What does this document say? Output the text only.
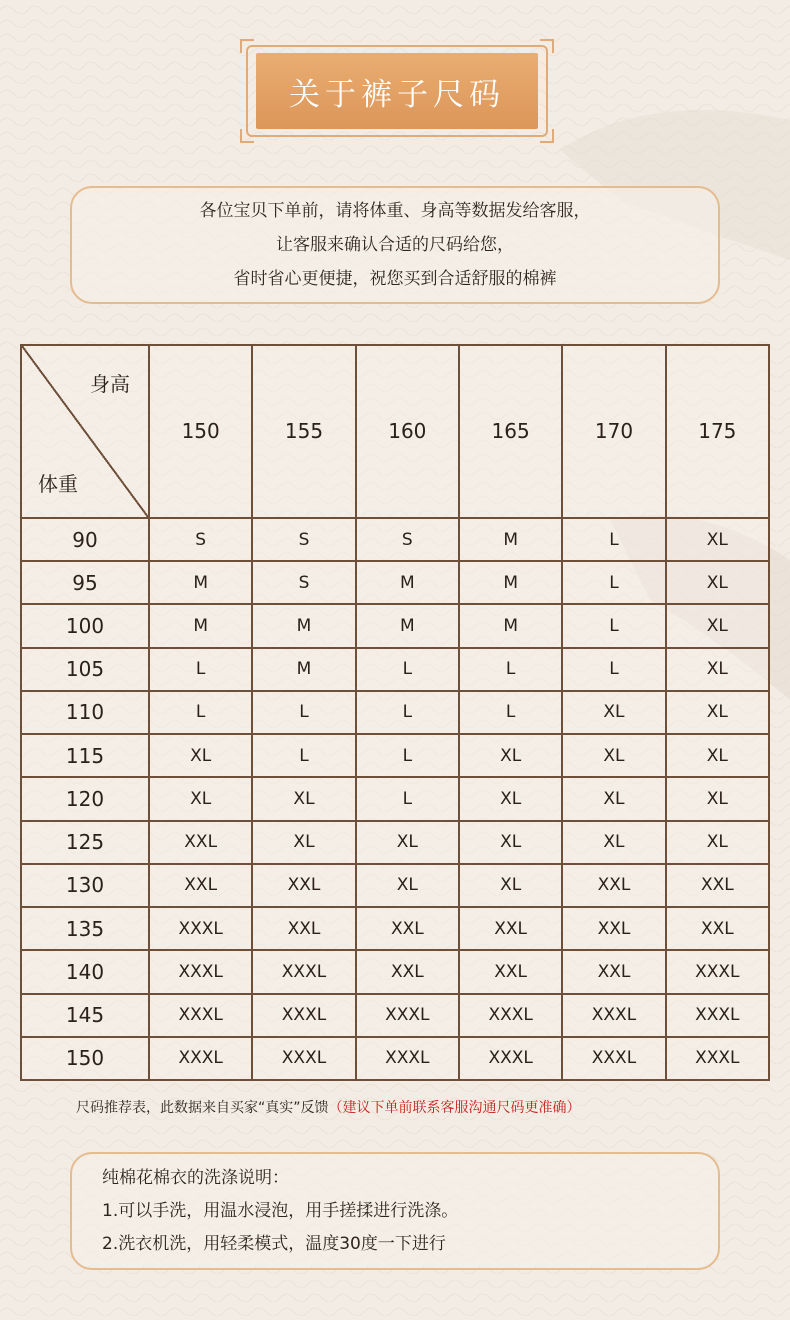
关于裤子尺码
各位宝贝下单前，请将体重、身高等数据发给客服，
让客服来确认合适的尺码给您，
省时省心更便捷，祝您买到合适舒服的棉裤
身高
体重	150	155	160	165	170	175
90	S	S	S	M	L	XL
95	M	S	M	M	L	XL
100	M	M	M	M	L	XL
105	L	M	L	L	L	XL
110	L	L	L	L	XL	XL
115	XL	L	L	XL	XL	XL
120	XL	XL	L	XL	XL	XL
125	XXL	XL	XL	XL	XL	XL
130	XXL	XXL	XL	XL	XXL	XXL
135	XXXL	XXL	XXL	XXL	XXL	XXL
140	XXXL	XXXL	XXL	XXL	XXL	XXXL
145	XXXL	XXXL	XXXL	XXXL	XXXL	XXXL
150	XXXL	XXXL	XXXL	XXXL	XXXL	XXXL
尺码推荐表，此数据来自买家“真实”反馈（建议下单前联系客服沟通尺码更准确）
纯棉花棉衣的洗涤说明：
1.可以手洗，用温水浸泡，用手搓揉进行洗涤。
2.洗衣机洗，用轻柔模式，温度30度一下进行
